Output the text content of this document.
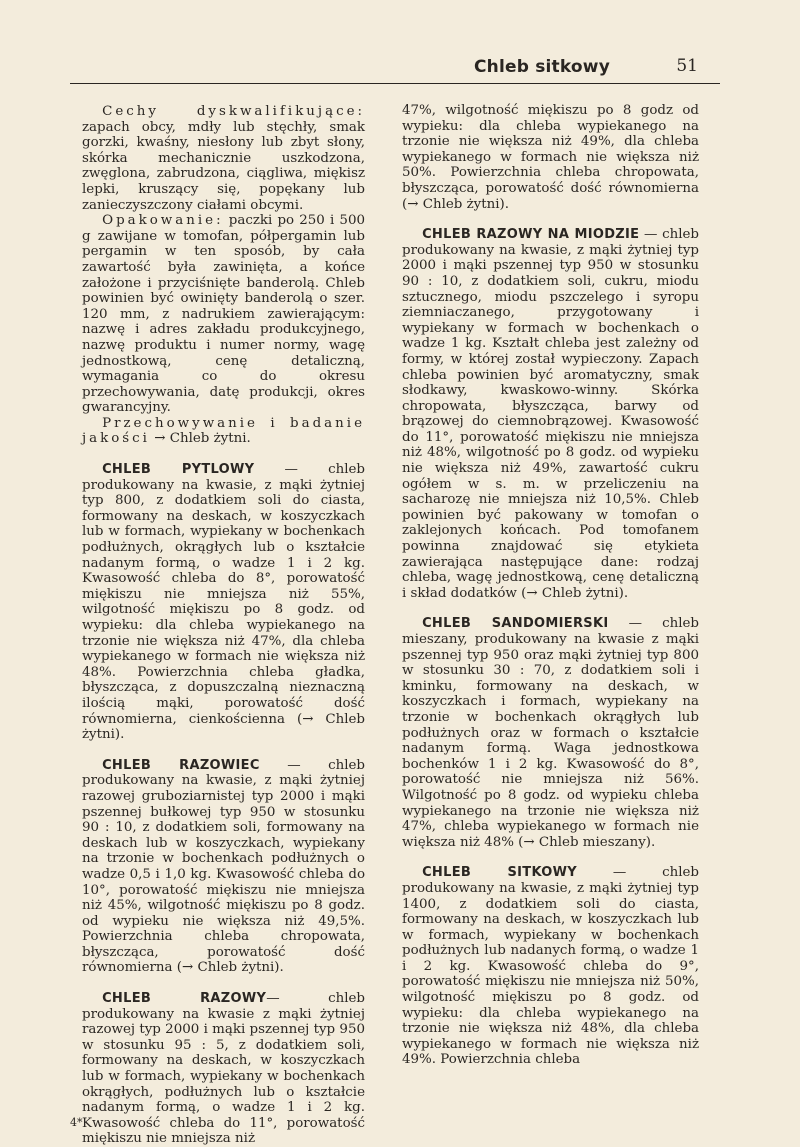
Chleb sitkowy	51

Cechy dyskwalifikujące: zapach obcy, mdły lub stęchły, smak gorzki, kwaśny, niesłony lub zbyt słony, skórka mechanicznie uszkodzona, zwęglona, zabrudzona, ciągliwa, miękisz lepki, kruszący się, popękany lub zanieczyszczony ciałami obcymi.

Opakowanie: paczki po 250 i 500 g zawijane w tomofan, półpergamin lub pergamin w ten sposób, by cała zawartość była zawinięta, a końce założone i przyciśnięte banderolą. Chleb powinien być owinięty banderolą o szer. 120 mm, z nadrukiem zawierającym: nazwę i adres zakładu produkcyjnego, nazwę produktu i numer normy, wagę jednostkową, cenę detaliczną, wymagania co do okresu przechowywania, datę produkcji, okres gwarancyjny.

Przechowywanie i badanie jakości → Chleb żytni.

CHLEB PYTLOWY — chleb produkowany na kwasie, z mąki żytniej typ 800, z dodatkiem soli do ciasta, formowany na deskach, w koszyczkach lub w formach, wypiekany w bochenkach podłużnych, okrągłych lub o kształcie nadanym formą, o wadze 1 i 2 kg. Kwasowość chleba do 8°, porowatość miękiszu nie mniejsza niż 55%, wilgotność miękiszu po 8 godz. od wypieku: dla chleba wypiekanego na trzonie nie większa niż 47%, dla chleba wypiekanego w formach nie większa niż 48%. Powierzchnia chleba gładka, błyszcząca, z dopuszczalną nieznaczną ilością mąki, porowatość dość równomierna, cienkościenna (→ Chleb żytni).

CHLEB RAZOWIEC — chleb produkowany na kwasie, z mąki żytniej razowej gruboziarnistej typ 2000 i mąki pszennej bułkowej typ 950 w stosunku 90 : 10, z dodatkiem soli, formowany na deskach lub w koszyczkach, wypiekany na trzonie w bochenkach podłużnych o wadze 0,5 i 1,0 kg. Kwasowość chleba do 10°, porowatość miękiszu nie mniejsza niż 45%, wilgotność miękiszu po 8 godz. od wypieku nie większa niż 49,5%. Powierzchnia chleba chropowata, błyszcząca, porowatość dość równomierna (→ Chleb żytni).

CHLEB RAZOWY— chleb produkowany na kwasie z mąki żytniej razowej typ 2000 i mąki pszennej typ 950 w stosunku 95 : 5, z dodatkiem soli, formowany na deskach, w koszyczkach lub w formach, wypiekany w bochenkach okrągłych, podłużnych lub o kształcie nadanym formą, o wadze 1 i 2 kg. Kwasowość chleba do 11°, porowatość miękiszu nie mniejsza niż

47%, wilgotność miękiszu po 8 godz od wypieku: dla chleba wypiekanego na trzonie nie większa niż 49%, dla chleba wypiekanego w formach nie większa niż 50%. Powierzchnia chleba chropowata, błyszcząca, porowatość dość równomierna (→ Chleb żytni).

CHLEB RAZOWY NA MIODZIE — chleb produkowany na kwasie, z mąki żytniej typ 2000 i mąki pszennej typ 950 w stosunku 90 : 10, z dodatkiem soli, cukru, miodu sztucznego, miodu pszczelego i syropu ziemniaczanego, przygotowany i wypiekany w formach w bochenkach o wadze 1 kg. Kształt chleba jest zależny od formy, w której został wypieczony. Zapach chleba powinien być aromatyczny, smak słodkawy, kwaskowo-winny. Skórka chropowata, błyszcząca, barwy od brązowej do ciemnobrązowej. Kwasowość do 11°, porowatość miękiszu nie mniejsza niż 48%, wilgotność po 8 godz. od wypieku nie większa niż 49%, zawartość cukru ogółem w s. m. w przeliczeniu na sacharozę nie mniejsza niż 10,5%. Chleb powinien być pakowany w tomofan o zaklejonych końcach. Pod tomofanem powinna znajdować się etykieta zawierająca następujące dane: rodzaj chleba, wagę jednostkową, cenę detaliczną i skład dodatków (→ Chleb żytni).

CHLEB SANDOMIERSKI — chleb mieszany, produkowany na kwasie z mąki pszennej typ 950 oraz mąki żytniej typ 800 w stosunku 30 : 70, z dodatkiem soli i kminku, formowany na deskach, w koszyczkach i formach, wypiekany na trzonie w bochenkach okrągłych lub podłużnych oraz w formach o kształcie nadanym formą. Waga jednostkowa bochenków 1 i 2 kg. Kwasowość do 8°, porowatość nie mniejsza niż 56%. Wilgotność po 8 godz. od wypieku chleba wypiekanego na trzonie nie większa niż 47%, chleba wypiekanego w formach nie większa niż 48% (→ Chleb mieszany).

CHLEB SITKOWY	— chleb produkowany na kwasie, z mąki żytniej typ 1400, z dodatkiem soli do ciasta, formowany na deskach, w koszyczkach lub w formach, wypiekany w bochenkach podłużnych lub nadanych formą, o wadze 1 i 2 kg. Kwasowość chleba do 9°, porowatość miękiszu nie mniejsza niż 50%, wilgotność miękiszu po 8 godz. od wypieku: dla chleba wypiekanego na trzonie nie większa niż 48%, dla chleba wypiekanego w formach nie większa niż 49%. Powierzchnia chleba

4*
